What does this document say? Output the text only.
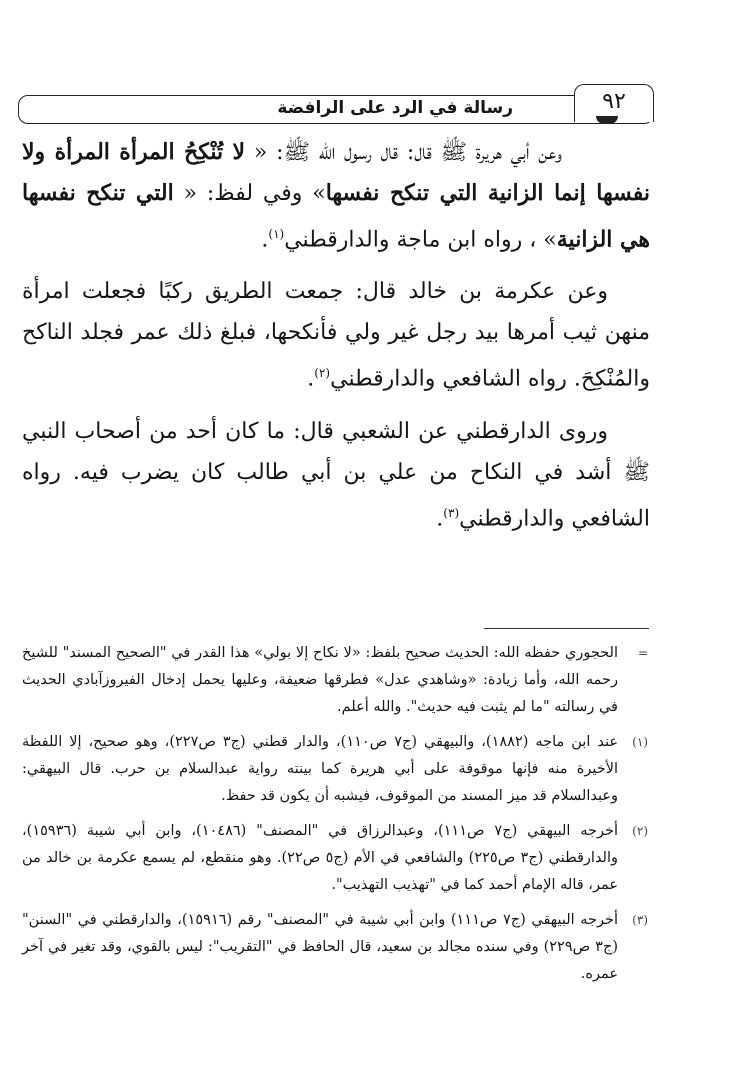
رسالة في الرد على الرافضة	٩٢

وعن أبي هريرة ﷺ قال: قال رسول الله ﷺ: « لا تُنْكِحُ المرأة المرأة ولا نفسها إنما الزانية التي تنكح نفسها» وفي لفظ: « التي تنكح نفسها هي الزانية» ، رواه ابن ماجة والدارقطني$^{(١)}$.

وعن عكرمة بن خالد قال: جمعت الطريق ركبًا فجعلت امرأة منهن ثيب أمرها بيد رجل غير ولي فأنكحها، فبلغ ذلك عمر فجلد الناكح والمُنْكِحَ. رواه الشافعي والدارقطني$^{(٢)}$.

وروى الدارقطني عن الشعبي قال: ما كان أحد من أصحاب النبي ﷺ أشد في النكاح من علي بن أبي طالب كان يضرب فيه. رواه الشافعي والدارقطني$^{(٣)}$.

=
الحجوري حفظه الله: الحديث صحيح بلفظ: «لا نكاح إلا بولي» هذا القدر في "الصحيح المسند" للشيخ رحمه الله، وأما زيادة: «وشاهدي عدل» فطرقها ضعيفة، وعليها يحمل إدخال الفيروزآبادي الحديث في رسالته "ما لم يثبت فيه حديث". والله أعلم.
(١)
عند ابن ماجه (١٨٨٢)، والبيهقي (ج٧ ص١١٠)، والدار قطني (ج٣ ص٢٢٧)، وهو صحيح، إلا اللفظة الأخيرة منه فإنها موقوفة على أبي هريرة كما بينته رواية عبدالسلام بن حرب. قال البيهقي: وعبدالسلام قد ميز المسند من الموقوف، فيشبه أن يكون قد حفظ.
(٢)
أخرجه البيهقي (ج٧ ص١١١)، وعبدالرزاق في "المصنف" (١٠٤٨٦)، وابن أبي شيبة (١٥٩٣٦)، والدارقطني (ج٣ ص٢٢٥) والشافعي في الأم (ج٥ ص٢٢). وهو منقطع، لم يسمع عكرمة بن خالد من عمر، قاله الإمام أحمد كما في "تهذيب التهذيب".
(٣)
أخرجه البيهقي (ج٧ ص١١١) وابن أبي شيبة في "المصنف" رقم (١٥٩١٦)، والدارقطني في "السنن" (ج٣ ص٢٢٩) وفي سنده مجالد بن سعيد، قال الحافظ في "التقريب": ليس بالقوي، وقد تغير في آخر عمره.
